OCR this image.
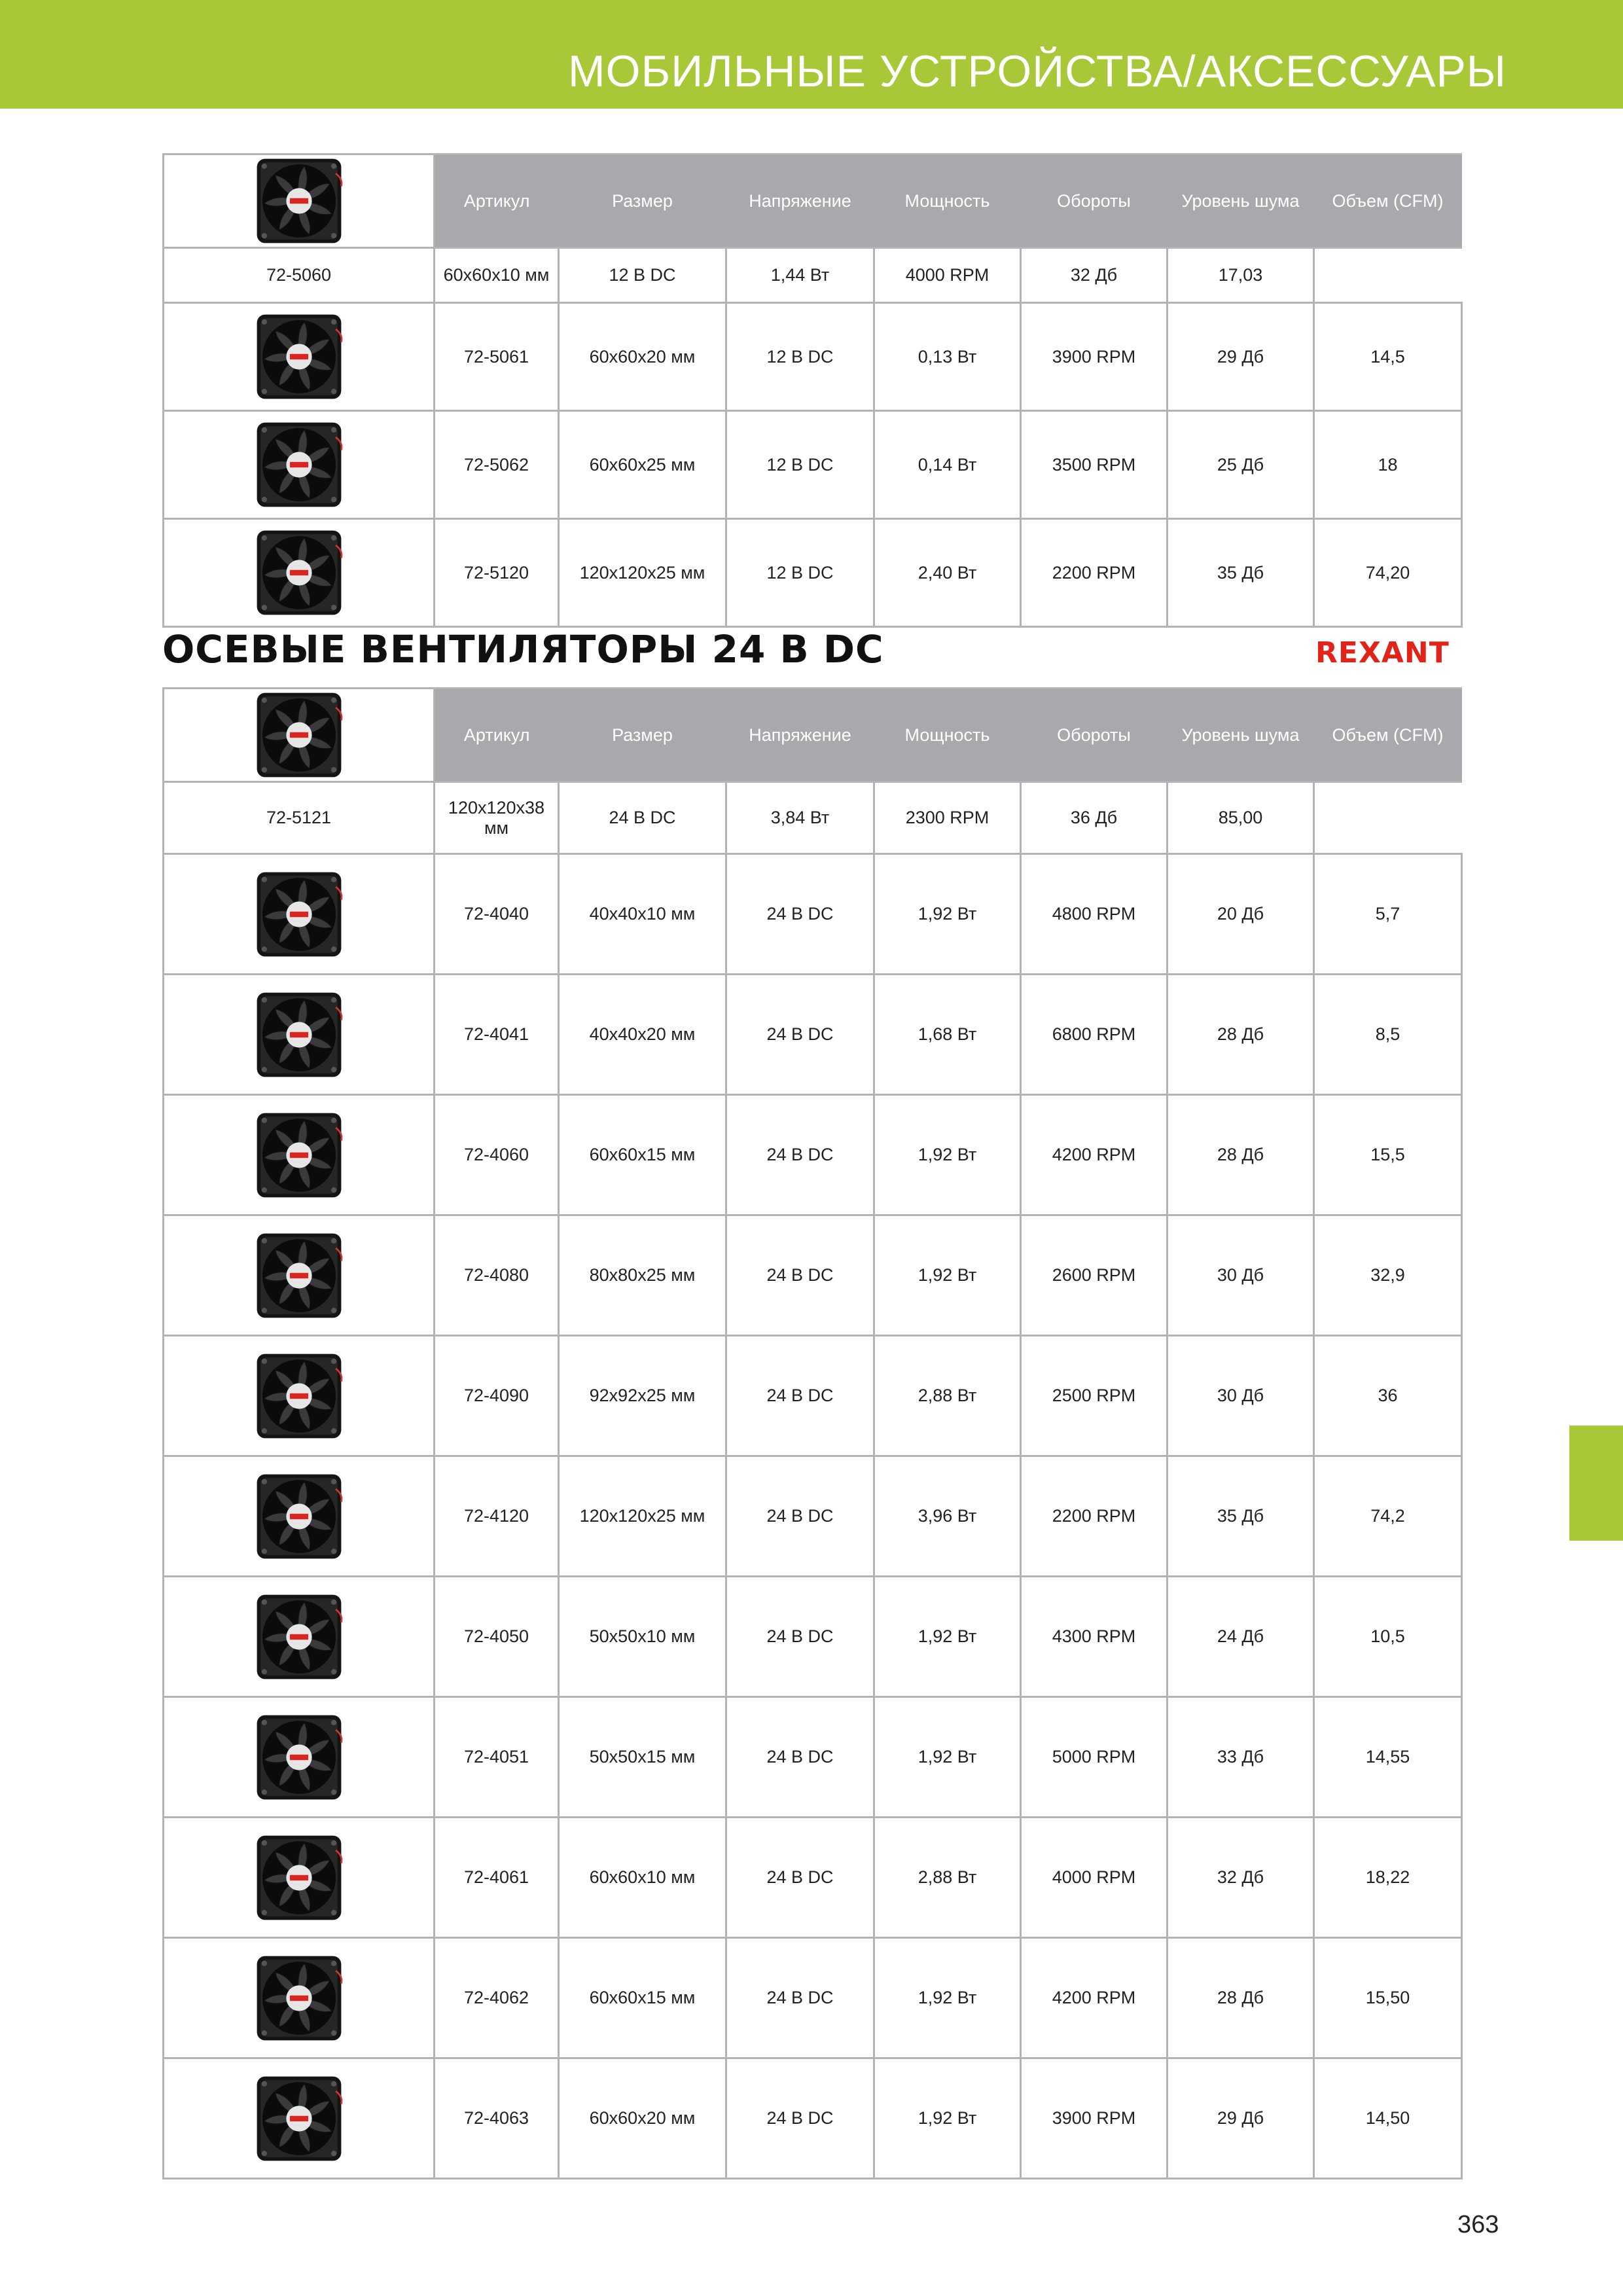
МОБИЛЬНЫЕ УСТРОЙСТВА/АКСЕССУАРЫ
	Артикул	Размер	Напряжение	Мощность	Обороты	Уровень шума	Объем (CFM)
72-5060	60x60x10 мм	12 В DC	1,44 Вт	4000 RPM	32 Дб	17,03	

	72-5061	60x60x20 мм	12 В DC	0,13 Вт	3900 RPM	29 Дб	14,5

	72-5062	60x60x25 мм	12 В DC	0,14 Вт	3500 RPM	25 Дб	18

	72-5120	120x120x25 мм	12 В DC	2,40 Вт	2200 RPM	35 Дб	74,20
ОСЕВЫЕ ВЕНТИЛЯТОРЫ 24 В DC	REXANT
	Артикул	Размер	Напряжение	Мощность	Обороты	Уровень шума	Объем (CFM)
72-5121	120x120x38 мм	24 В DC	3,84 Вт	2300 RPM	36 Дб	85,00	

	72-4040	40x40x10 мм	24 В DC	1,92 Вт	4800 RPM	20 Дб	5,7

	72-4041	40x40x20 мм	24 В DC	1,68 Вт	6800 RPM	28 Дб	8,5

	72-4060	60x60x15 мм	24 В DC	1,92 Вт	4200 RPM	28 Дб	15,5

	72-4080	80x80x25 мм	24 В DC	1,92 Вт	2600 RPM	30 Дб	32,9

	72-4090	92x92x25 мм	24 В DC	2,88 Вт	2500 RPM	30 Дб	36

	72-4120	120x120x25 мм	24 В DC	3,96 Вт	2200 RPM	35 Дб	74,2

	72-4050	50x50x10 мм	24 В DC	1,92 Вт	4300 RPM	24 Дб	10,5

	72-4051	50x50x15 мм	24 В DC	1,92 Вт	5000 RPM	33 Дб	14,55

	72-4061	60x60x10 мм	24 В DC	2,88 Вт	4000 RPM	32 Дб	18,22

	72-4062	60x60x15 мм	24 В DC	1,92 Вт	4200 RPM	28 Дб	15,50

	72-4063	60x60x20 мм	24 В DC	1,92 Вт	3900 RPM	29 Дб	14,50
363
